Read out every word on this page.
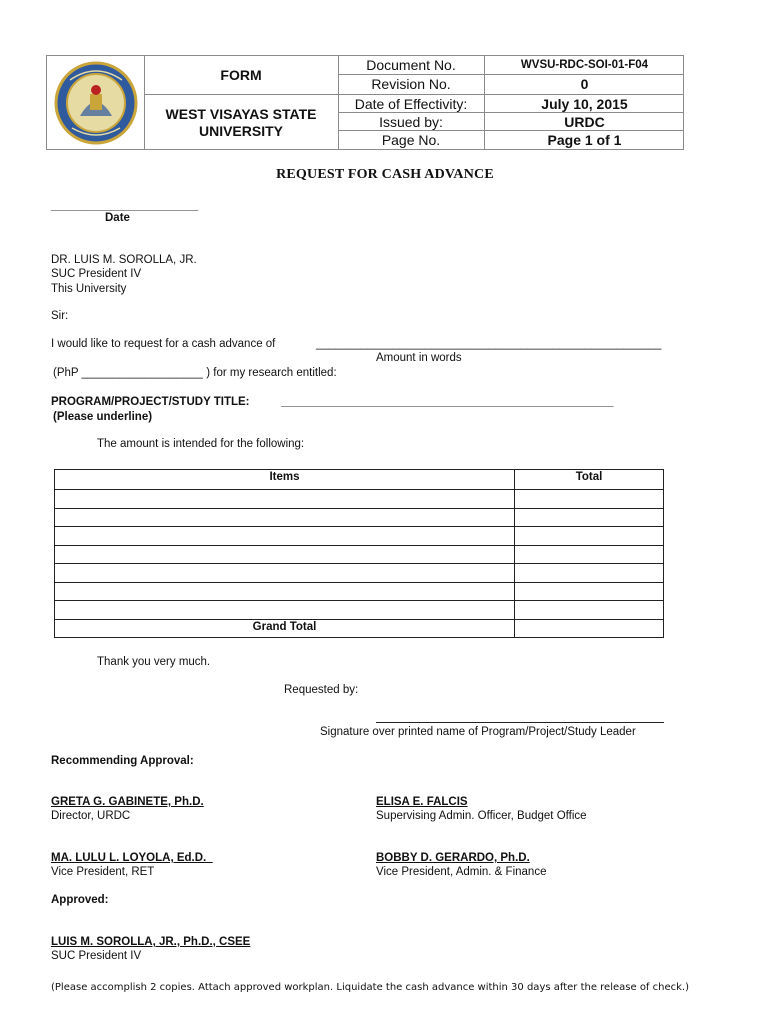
FORM
WEST VISAYAS STATE
UNIVERSITY
Document No.	WVSU-RDC-SOI-01-F04
Revision No.	0
Date of Effectivity:	July 10, 2015
Issued by:	URDC
Page No.	Page 1 of 1
REQUEST FOR CASH ADVANCE
_______________________
Date
DR. LUIS M. SOROLLA, JR.
SUC President IV
This University
Sir:
I would like to request for a cash advance of	______________________________________________________
Amount in words
(PhP ___________________ ) for my research entitled:
PROGRAM/PROJECT/STUDY TITLE:	____________________________________________________
(Please underline)
The amount is intended for the following:
Items	Total
Grand Total
Thank you very much.
Requested by:
Signature over printed name of Program/Project/Study Leader
Recommending Approval:
GRETA G. GABINETE, Ph.D.
Director, URDC
ELISA E. FALCIS
Supervising Admin. Officer, Budget Office
MA. LULU L. LOYOLA, Ed.D.
Vice President, RET
BOBBY D. GERARDO, Ph.D.
Vice President, Admin. & Finance
Approved:
LUIS M. SOROLLA, JR., Ph.D., CSEE
SUC President IV
(Please accomplish 2 copies. Attach approved workplan. Liquidate the cash advance within 30 days after the release of check.)
